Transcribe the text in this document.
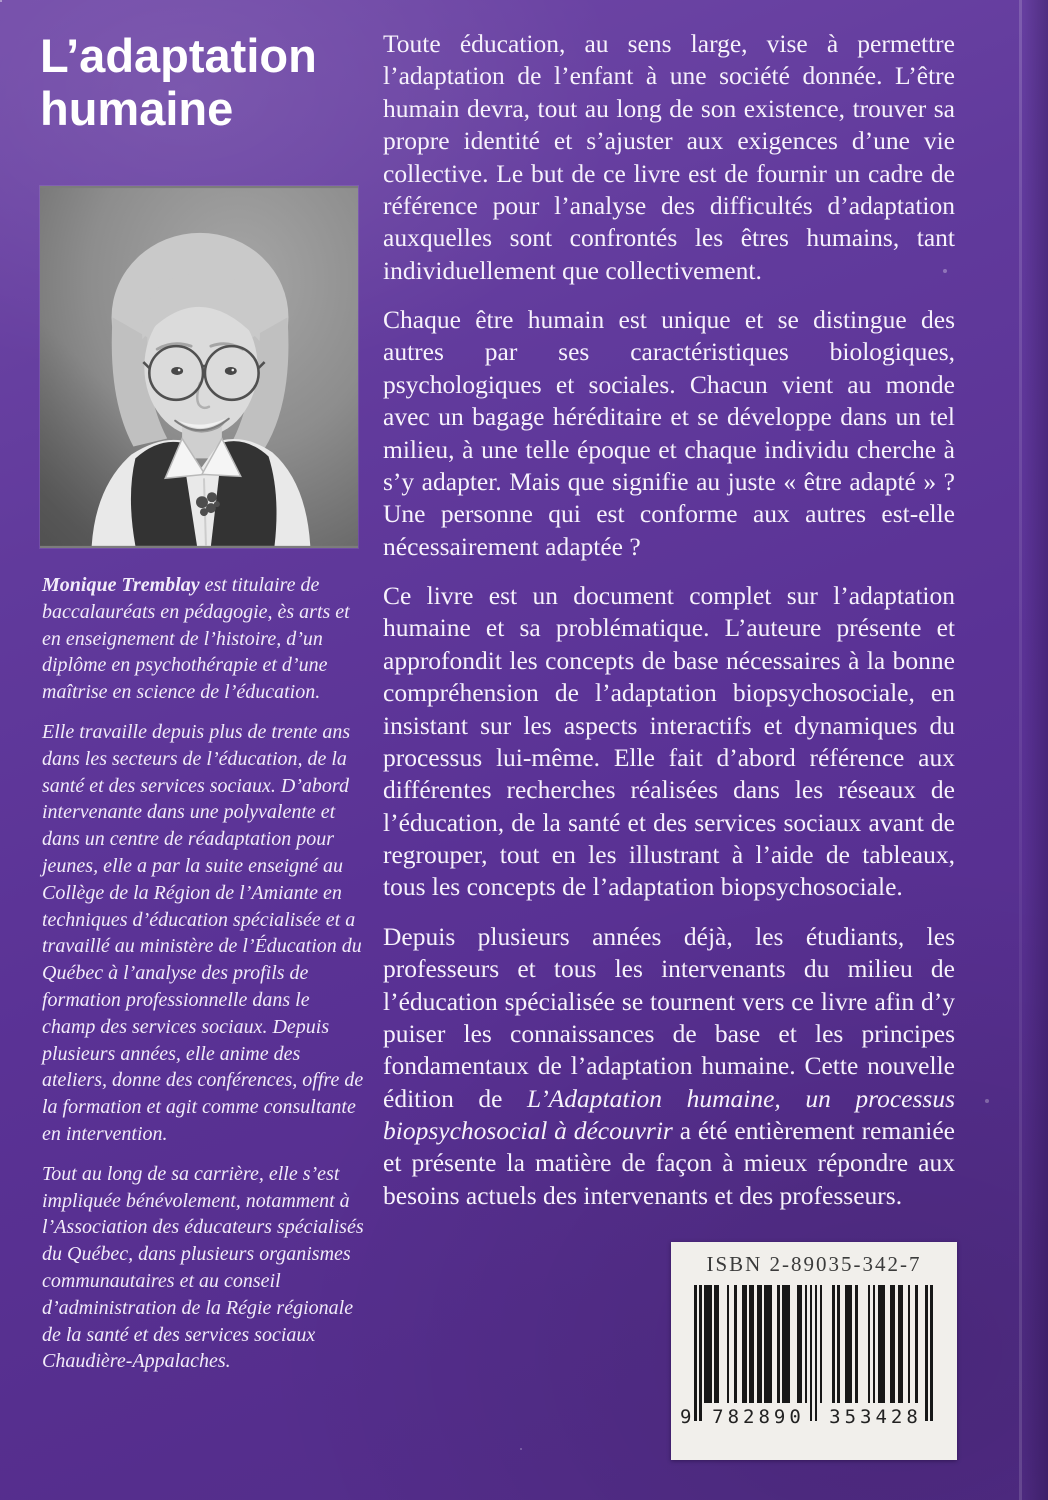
L’adaptation
humaine

Monique Tremblay est titulaire de baccalauréats en pédagogie, ès arts et en enseignement de l’histoire, d’un diplôme en psychothérapie et d’une maîtrise en science de l’éducation.

Elle travaille depuis plus de trente ans dans les secteurs de l’éducation, de la santé et des services sociaux. D’abord intervenante dans une polyvalente et dans un centre de réadaptation pour jeunes, elle a par la suite enseigné au Collège de la Région de l’Amiante en techniques d’éducation spécialisée et a travaillé au ministère de l’Éducation du Québec à l’analyse des profils de formation professionnelle dans le champ des services sociaux. Depuis plusieurs années, elle anime des ateliers, donne des conférences, offre de la formation et agit comme consultante en intervention.

Tout au long de sa carrière, elle s’est impliquée bénévolement, notamment à l’Association des éducateurs spécialisés du Québec, dans plusieurs organismes communautaires et au conseil d’administration de la Régie régionale de la santé et des services sociaux Chaudière-Appalaches.

Toute éducation, au sens large, vise à permettre l’adaptation de l’enfant à une société donnée. L’être humain devra, tout au long de son existence, trouver sa propre identité et s’ajuster aux exigences d’une vie collective. Le but de ce livre est de fournir un cadre de référence pour l’analyse des difficultés d’adaptation auxquelles sont confrontés les êtres humains, tant individuellement que collectivement.

Chaque être humain est unique et se distingue des autres par ses caractéristiques biologiques, psychologiques et sociales. Chacun vient au monde avec un bagage héréditaire et se développe dans un tel milieu, à une telle époque et chaque individu cherche à s’y adapter. Mais que signifie au juste « être adapté » ? Une personne qui est conforme aux autres est-elle nécessairement adaptée ?

Ce livre est un document complet sur l’adaptation humaine et sa problématique. L’auteure présente et approfondit les concepts de base nécessaires à la bonne compréhension de l’adaptation biopsychosociale, en insistant sur les aspects interactifs et dynamiques du processus lui-même. Elle fait d’abord référence aux différentes recherches réalisées dans les réseaux de l’éducation, de la santé et des services sociaux avant de regrouper, tout en les illustrant à l’aide de tableaux, tous les concepts de l’adaptation biopsychosociale.

Depuis plusieurs années déjà, les étudiants, les professeurs et tous les intervenants du milieu de l’éducation spécialisée se tournent vers ce livre afin d’y puiser les connaissances de base et les principes fondamentaux de l’adaptation humaine. Cette nouvelle édition de L’Adaptation humaine, un processus biopsychosocial à découvrir a été entièrement remaniée et présente la matière de façon à mieux répondre aux besoins actuels des intervenants et des professeurs.

ISBN 2-89035-342-7
9	782890	353428
